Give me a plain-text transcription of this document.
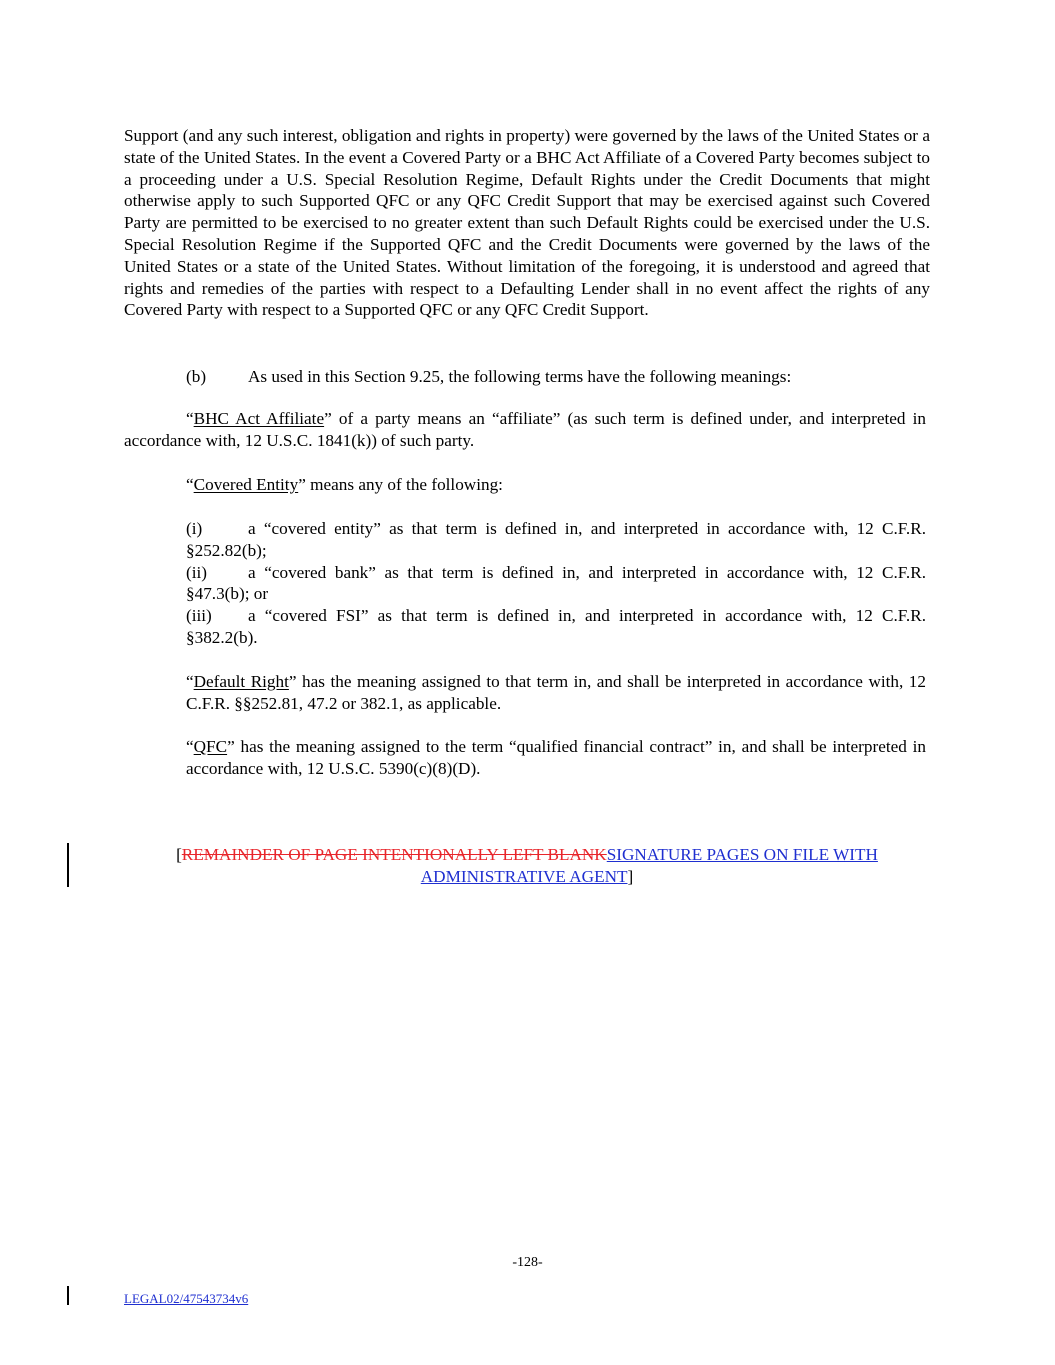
Support (and any such interest, obligation and rights in property) were governed by the laws of the United States or a state of the United States. In the event a Covered Party or a BHC Act Affiliate of a Covered Party becomes subject to a proceeding under a U.S. Special Resolution Regime, Default Rights under the Credit Documents that might otherwise apply to such Supported QFC or any QFC Credit Support that may be exercised against such Covered Party are permitted to be exercised to no greater extent than such Default Rights could be exercised under the U.S. Special Resolution Regime if the Supported QFC and the Credit Documents were governed by the laws of the United States or a state of the United States. Without limitation of the foregoing, it is understood and agreed that rights and remedies of the parties with respect to a Defaulting Lender shall in no event affect the rights of any Covered Party with respect to a Supported QFC or any QFC Credit Support.
(b) As used in this Section 9.25, the following terms have the following meanings:
“BHC Act Affiliate” of a party means an “affiliate” (as such term is defined under, and interpreted in accordance with, 12 U.S.C. 1841(k)) of such party.
“Covered Entity” means any of the following:

(i)	a “covered entity” as that term is defined in, and interpreted in accordance with, 12 C.F.R. §252.82(b);

(ii) a “covered bank” as that term is defined in, and interpreted in accordance with, 12 C.F.R. §47.3(b); or

(iii) a “covered FSI” as that term is defined in, and interpreted in accordance with, 12 C.F.R. §382.2(b).

“Default Right” has the meaning assigned to that term in, and shall be interpreted in accordance with, 12 C.F.R. §§252.81, 47.2 or 382.1, as applicable.
“QFC” has the meaning assigned to the term “qualified financial contract” in, and shall be interpreted in accordance with, 12 U.S.C. 5390(c)(8)(D).
[REMAINDER OF PAGE INTENTIONALLY LEFT BLANKSIGNATURE PAGES ON FILE WITH
ADMINISTRATIVE AGENT]
-128-
LEGAL02/47543734v6
